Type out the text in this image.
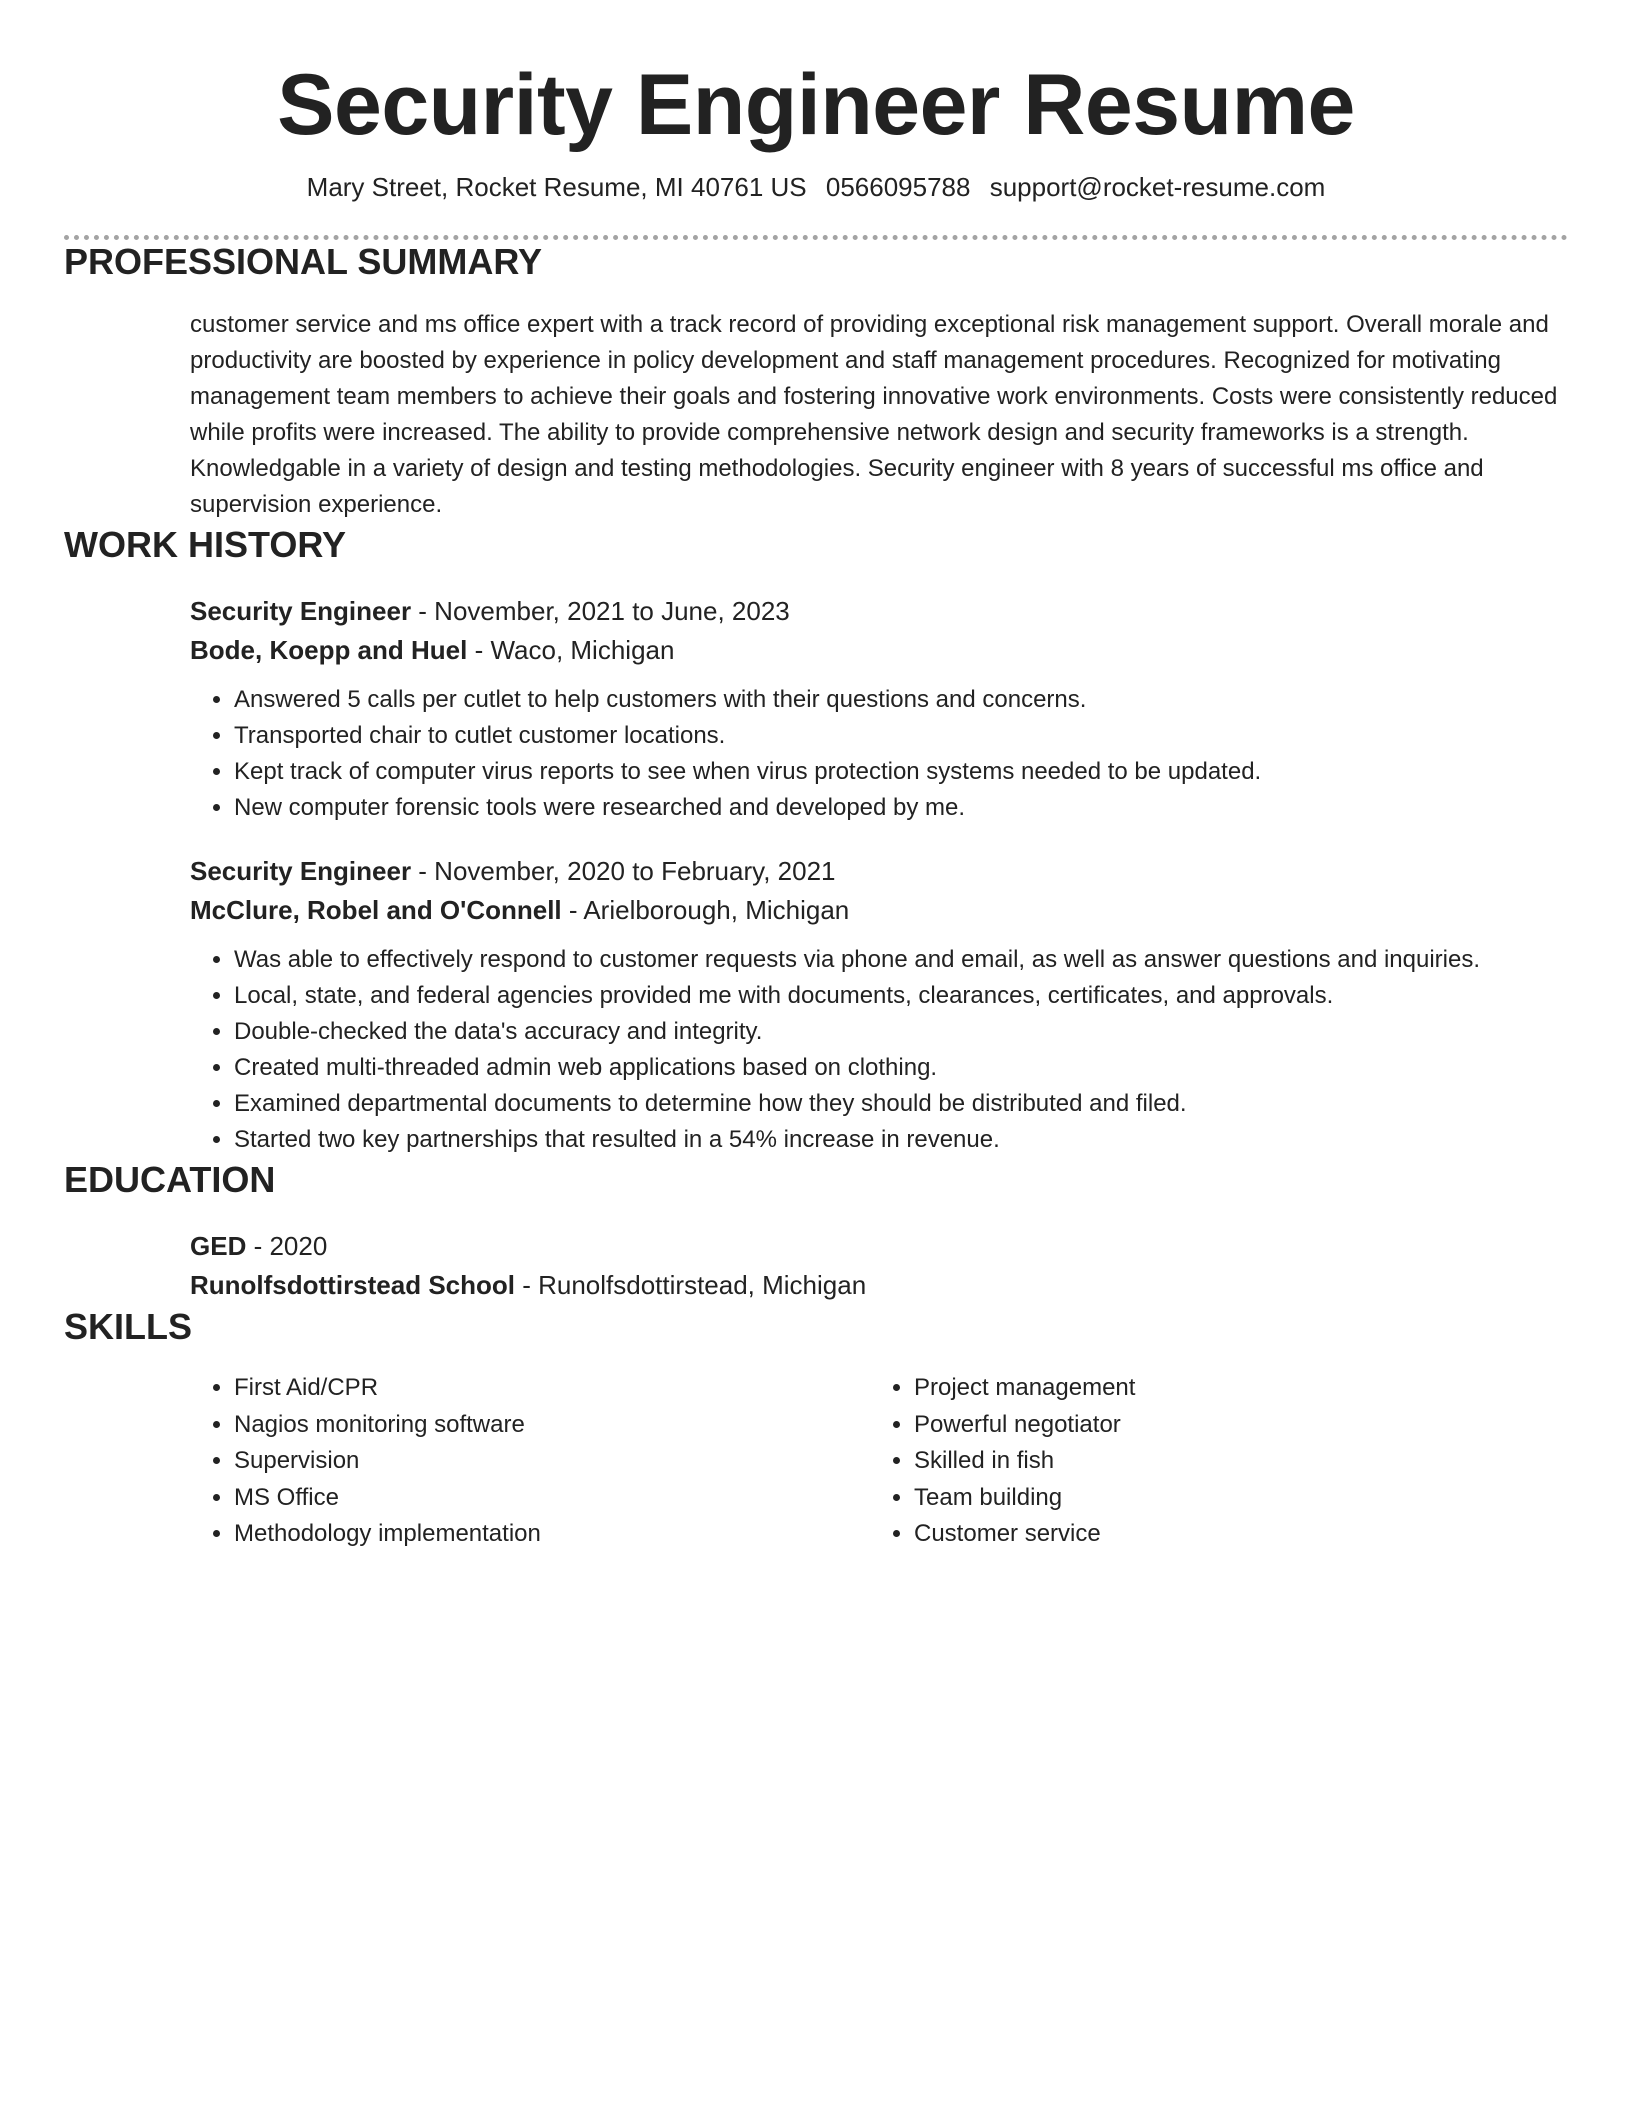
Security Engineer Resume
Mary Street, Rocket Resume, MI 40761 US 0566095788 support@rocket-resume.com
PROFESSIONAL SUMMARY
customer service and ms office expert with a track record of providing exceptional risk management support. Overall morale and productivity are boosted by experience in policy development and staff management procedures. Recognized for motivating management team members to achieve their goals and fostering innovative work environments. Costs were consistently reduced while profits were increased. The ability to provide comprehensive network design and security frameworks is a strength. Knowledgable in a variety of design and testing methodologies. Security engineer with 8 years of successful ms office and supervision experience.
WORK HISTORY
Security Engineer - November, 2021 to June, 2023
Bode, Koepp and Huel - Waco, Michigan
• Answered 5 calls per cutlet to help customers with their questions and concerns.
• Transported chair to cutlet customer locations.
• Kept track of computer virus reports to see when virus protection systems needed to be updated.
• New computer forensic tools were researched and developed by me.
Security Engineer - November, 2020 to February, 2021
McClure, Robel and O'Connell - Arielborough, Michigan
• Was able to effectively respond to customer requests via phone and email, as well as answer questions and inquiries.
• Local, state, and federal agencies provided me with documents, clearances, certificates, and approvals.
• Double-checked the data's accuracy and integrity.
• Created multi-threaded admin web applications based on clothing.
• Examined departmental documents to determine how they should be distributed and filed.
• Started two key partnerships that resulted in a 54% increase in revenue.
EDUCATION
GED - 2020
Runolfsdottirstead School - Runolfsdottirstead, Michigan
SKILLS
• First Aid/CPR
• Nagios monitoring software
• Supervision
• MS Office
• Methodology implementation
• Project management
• Powerful negotiator
• Skilled in fish
• Team building
• Customer service
